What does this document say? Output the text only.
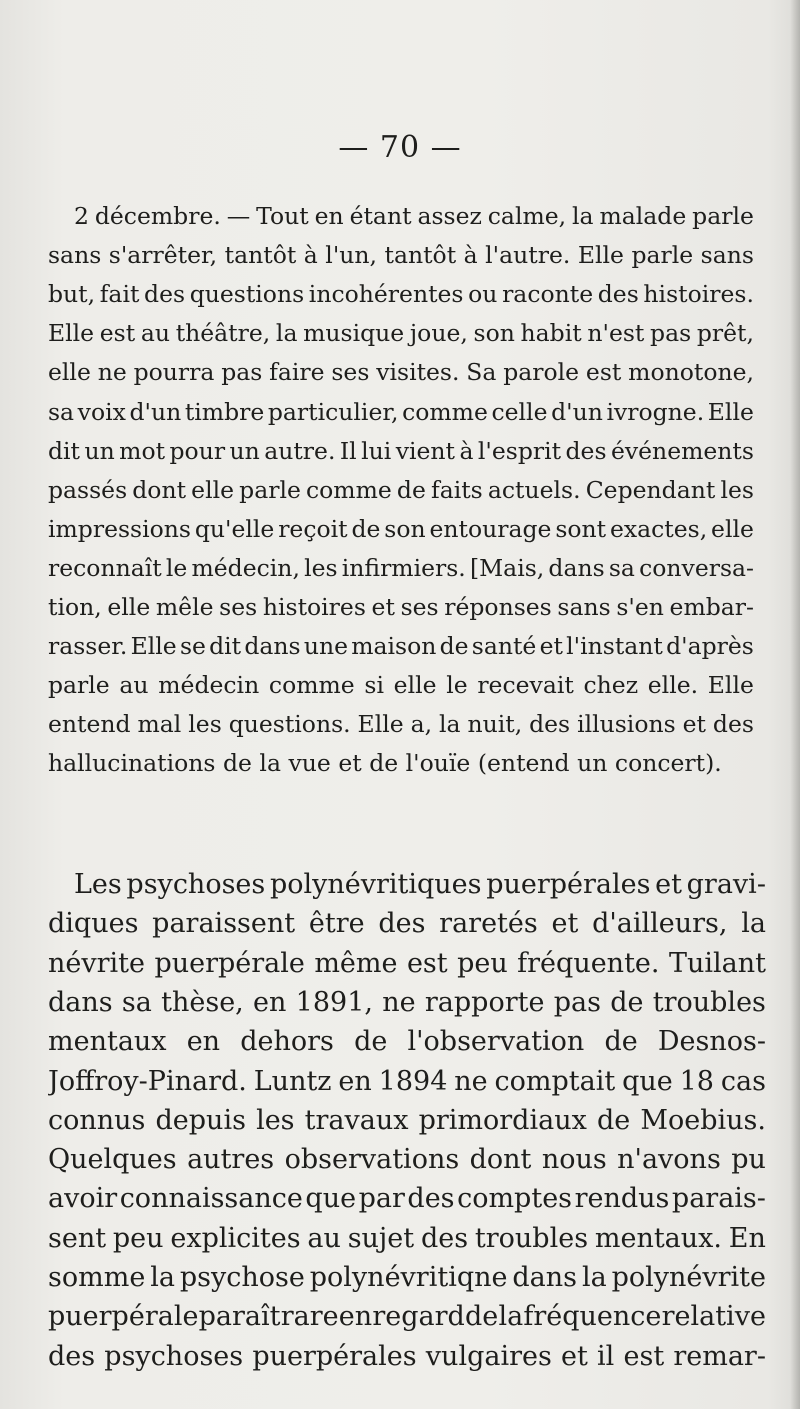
— 70 —
2 décembre. — Tout en étant assez calme, la malade parle
sans s'arrêter, tantôt à l'un, tantôt à l'autre. Elle parle sans
but, fait des questions incohérentes ou raconte des histoires.
Elle est au théâtre, la musique joue, son habit n'est pas prêt,
elle ne pourra pas faire ses visites. Sa parole est monotone,
sa voix d'un timbre particulier, comme celle d'un ivrogne. Elle
dit un mot pour un autre. Il lui vient à l'esprit des événements
passés dont elle parle comme de faits actuels. Cependant les
impressions qu'elle reçoit de son entourage sont exactes, elle
reconnaît le médecin, les infirmiers. [Mais, dans sa conversa-
tion, elle mêle ses histoires et ses réponses sans s'en embar-
rasser. Elle se dit dans une maison de santé et l'instant d'après
parle au médecin comme si elle le recevait chez elle. Elle
entend mal les questions. Elle a, la nuit, des illusions et des
hallucinations de la vue et de l'ouïe (entend un concert).
Les psychoses polynévritiques puerpérales et gravi-
diques paraissent être des raretés et d'ailleurs, la
névrite puerpérale même est peu fréquente. Tuilant
dans sa thèse, en 1891, ne rapporte pas de troubles
mentaux en dehors de l'observation de Desnos-
Joffroy-Pinard. Luntz en 1894 ne comptait que 18 cas
connus depuis les travaux primordiaux de Moebius.
Quelques autres observations dont nous n'avons pu
avoir connaissance que par des comptes rendus parais-
sent peu explicites au sujet des troubles mentaux. En
somme la psychose polynévritiqne dans la polynévrite
puerpérale paraît rare en regard de la fréquence relative
des psychoses puerpérales vulgaires et il est remar-
